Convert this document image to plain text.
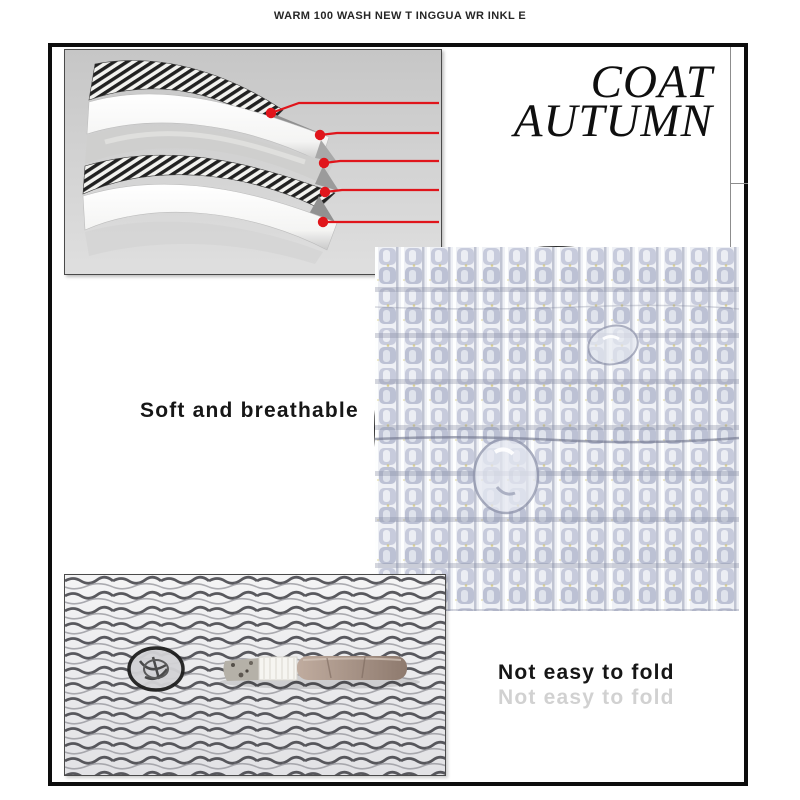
WARM 100 WASH NEW T INGGUA WR INKL E
COAT
AUTUMN
Soft and breathable
Not easy to fold
Not easy to fold
